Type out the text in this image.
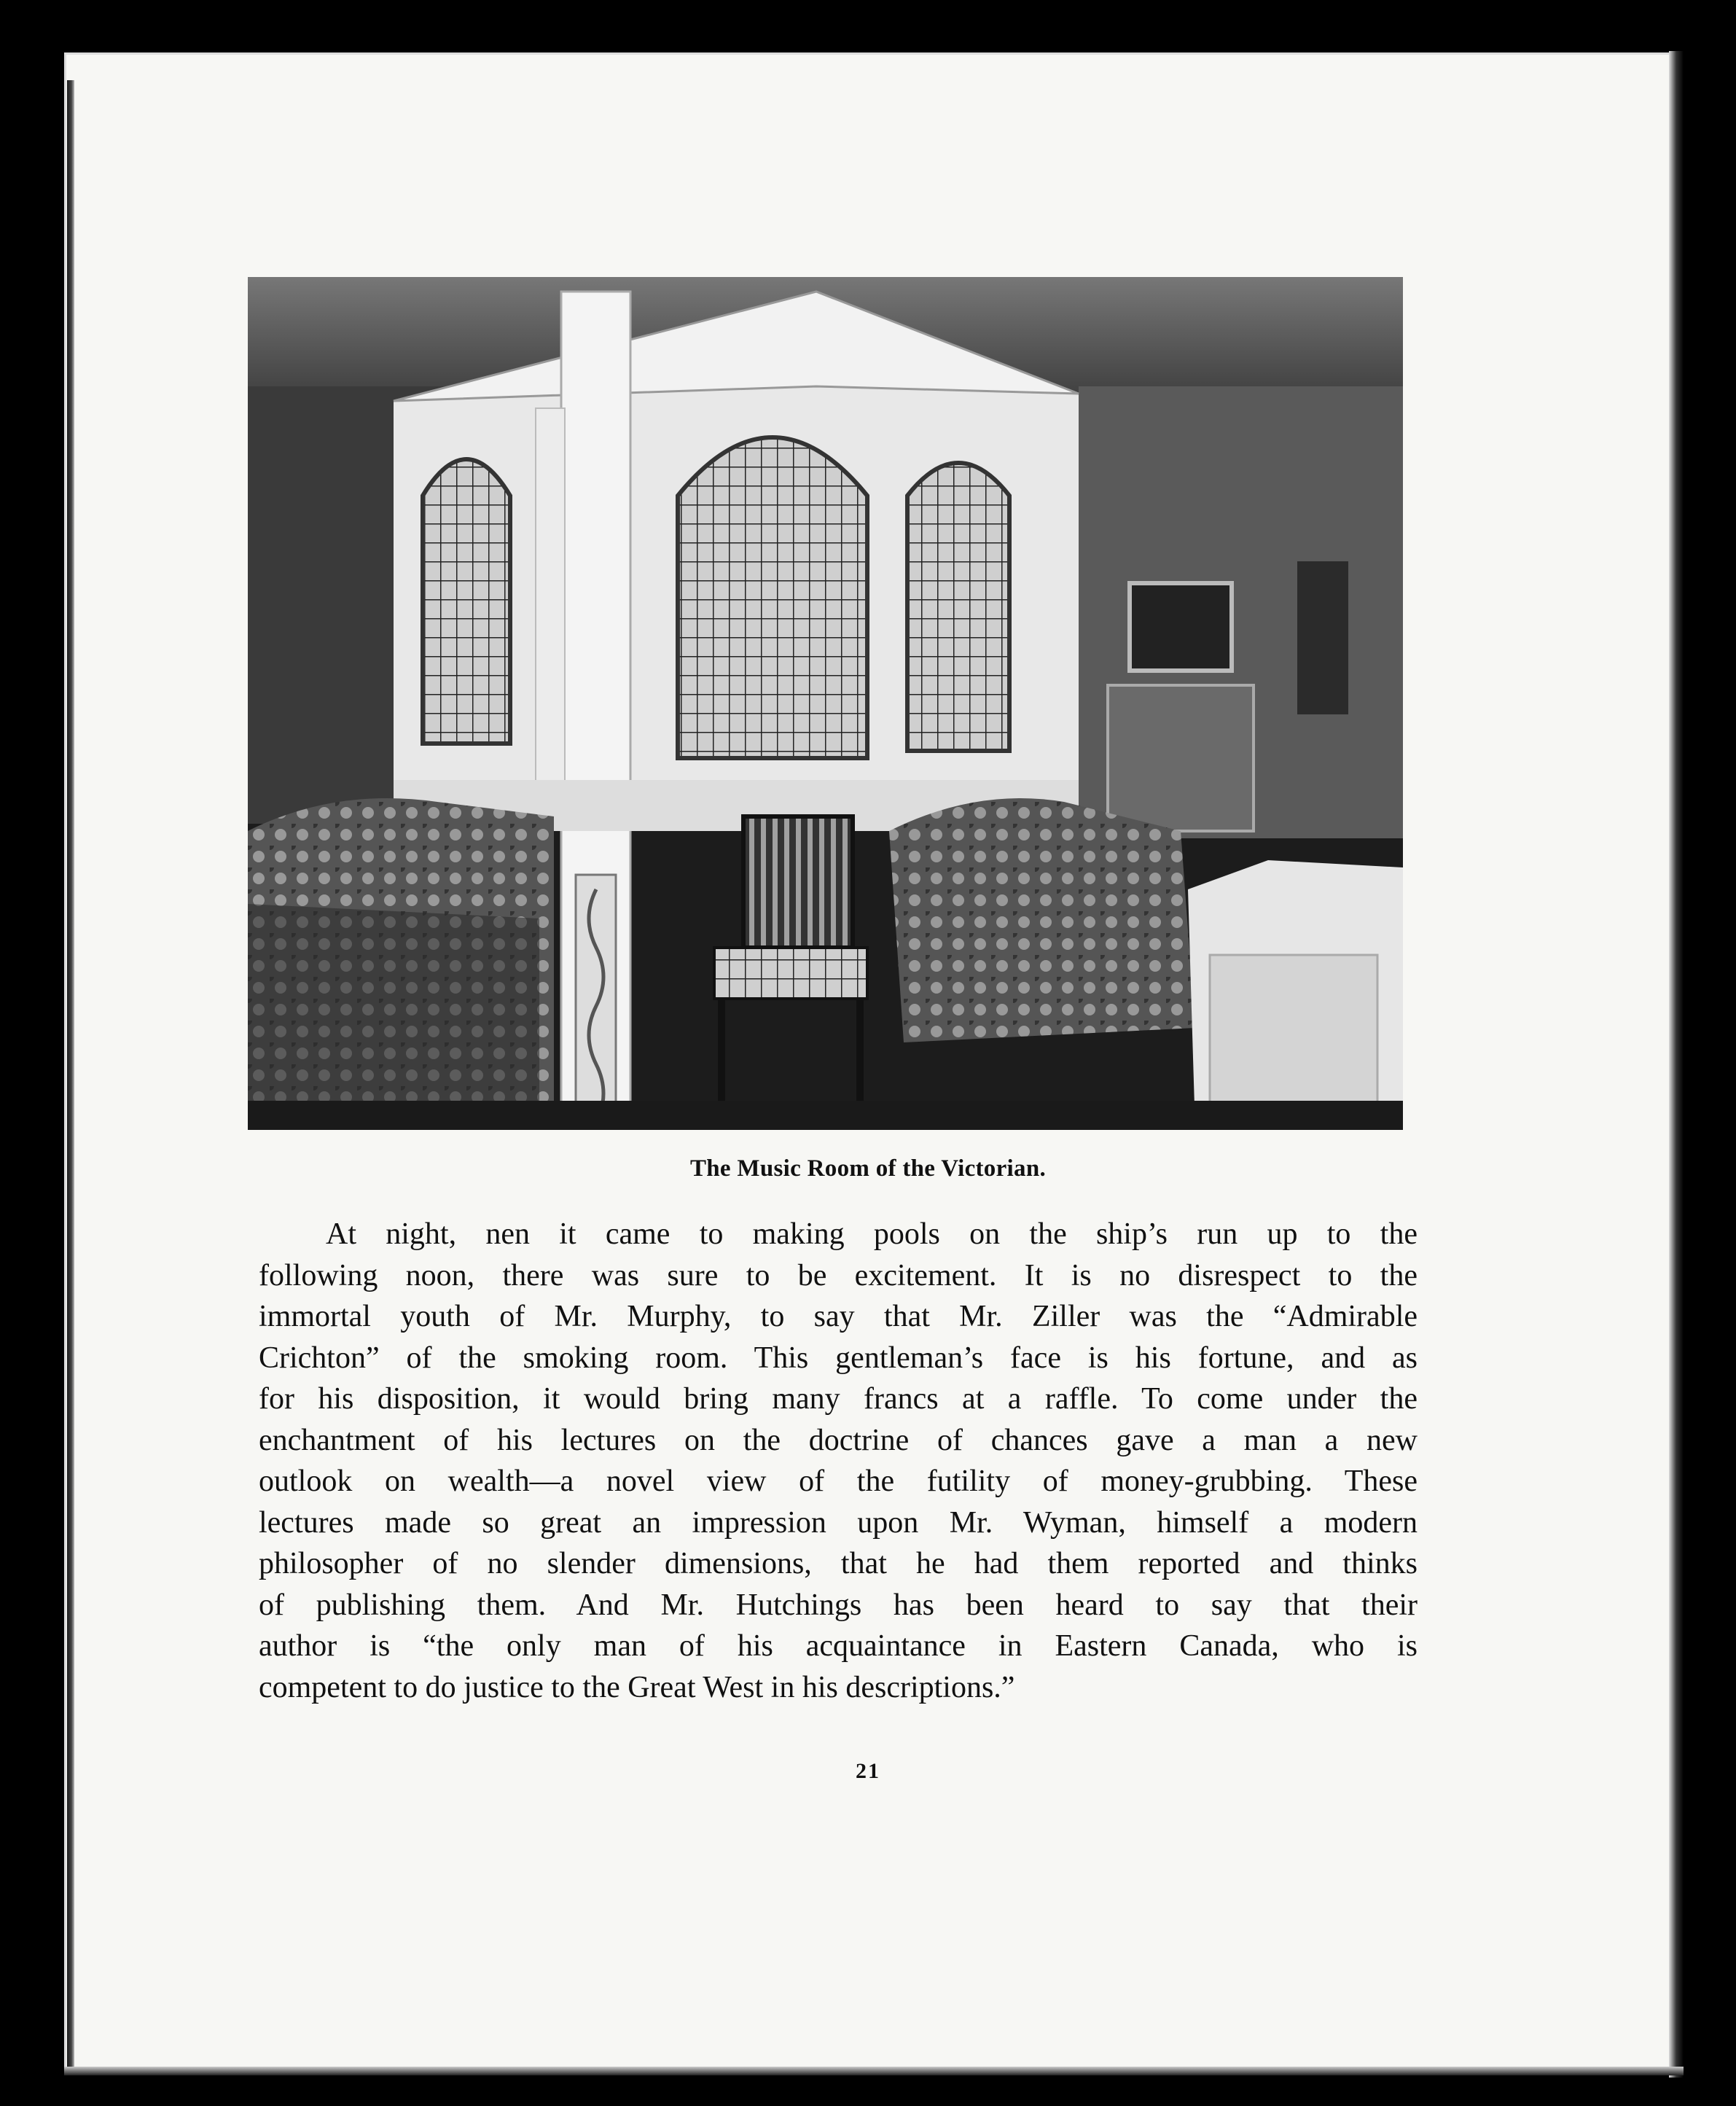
The Music Room of the Victorian.
At night, nen it came to making pools on the ship’s run up to the
following noon, there was sure to be excitement. It is no disrespect to the
immortal youth of Mr. Murphy, to say that Mr. Ziller was the “Admirable
Crichton” of the smoking room. This gentleman’s face is his fortune, and as
for his disposition, it would bring many francs at a raffle. To come under the
enchantment of his lectures on the doctrine of chances gave a man a new
outlook on wealth—a novel view of the futility of money-grubbing. These
lectures made so great an impression upon Mr. Wyman, himself a modern
philosopher of no slender dimensions, that he had them reported and thinks
of publishing them. And Mr. Hutchings has been heard to say that their
author is “the only man of his acquaintance in Eastern Canada, who is
competent to do justice to the Great West in his descriptions.”
21
